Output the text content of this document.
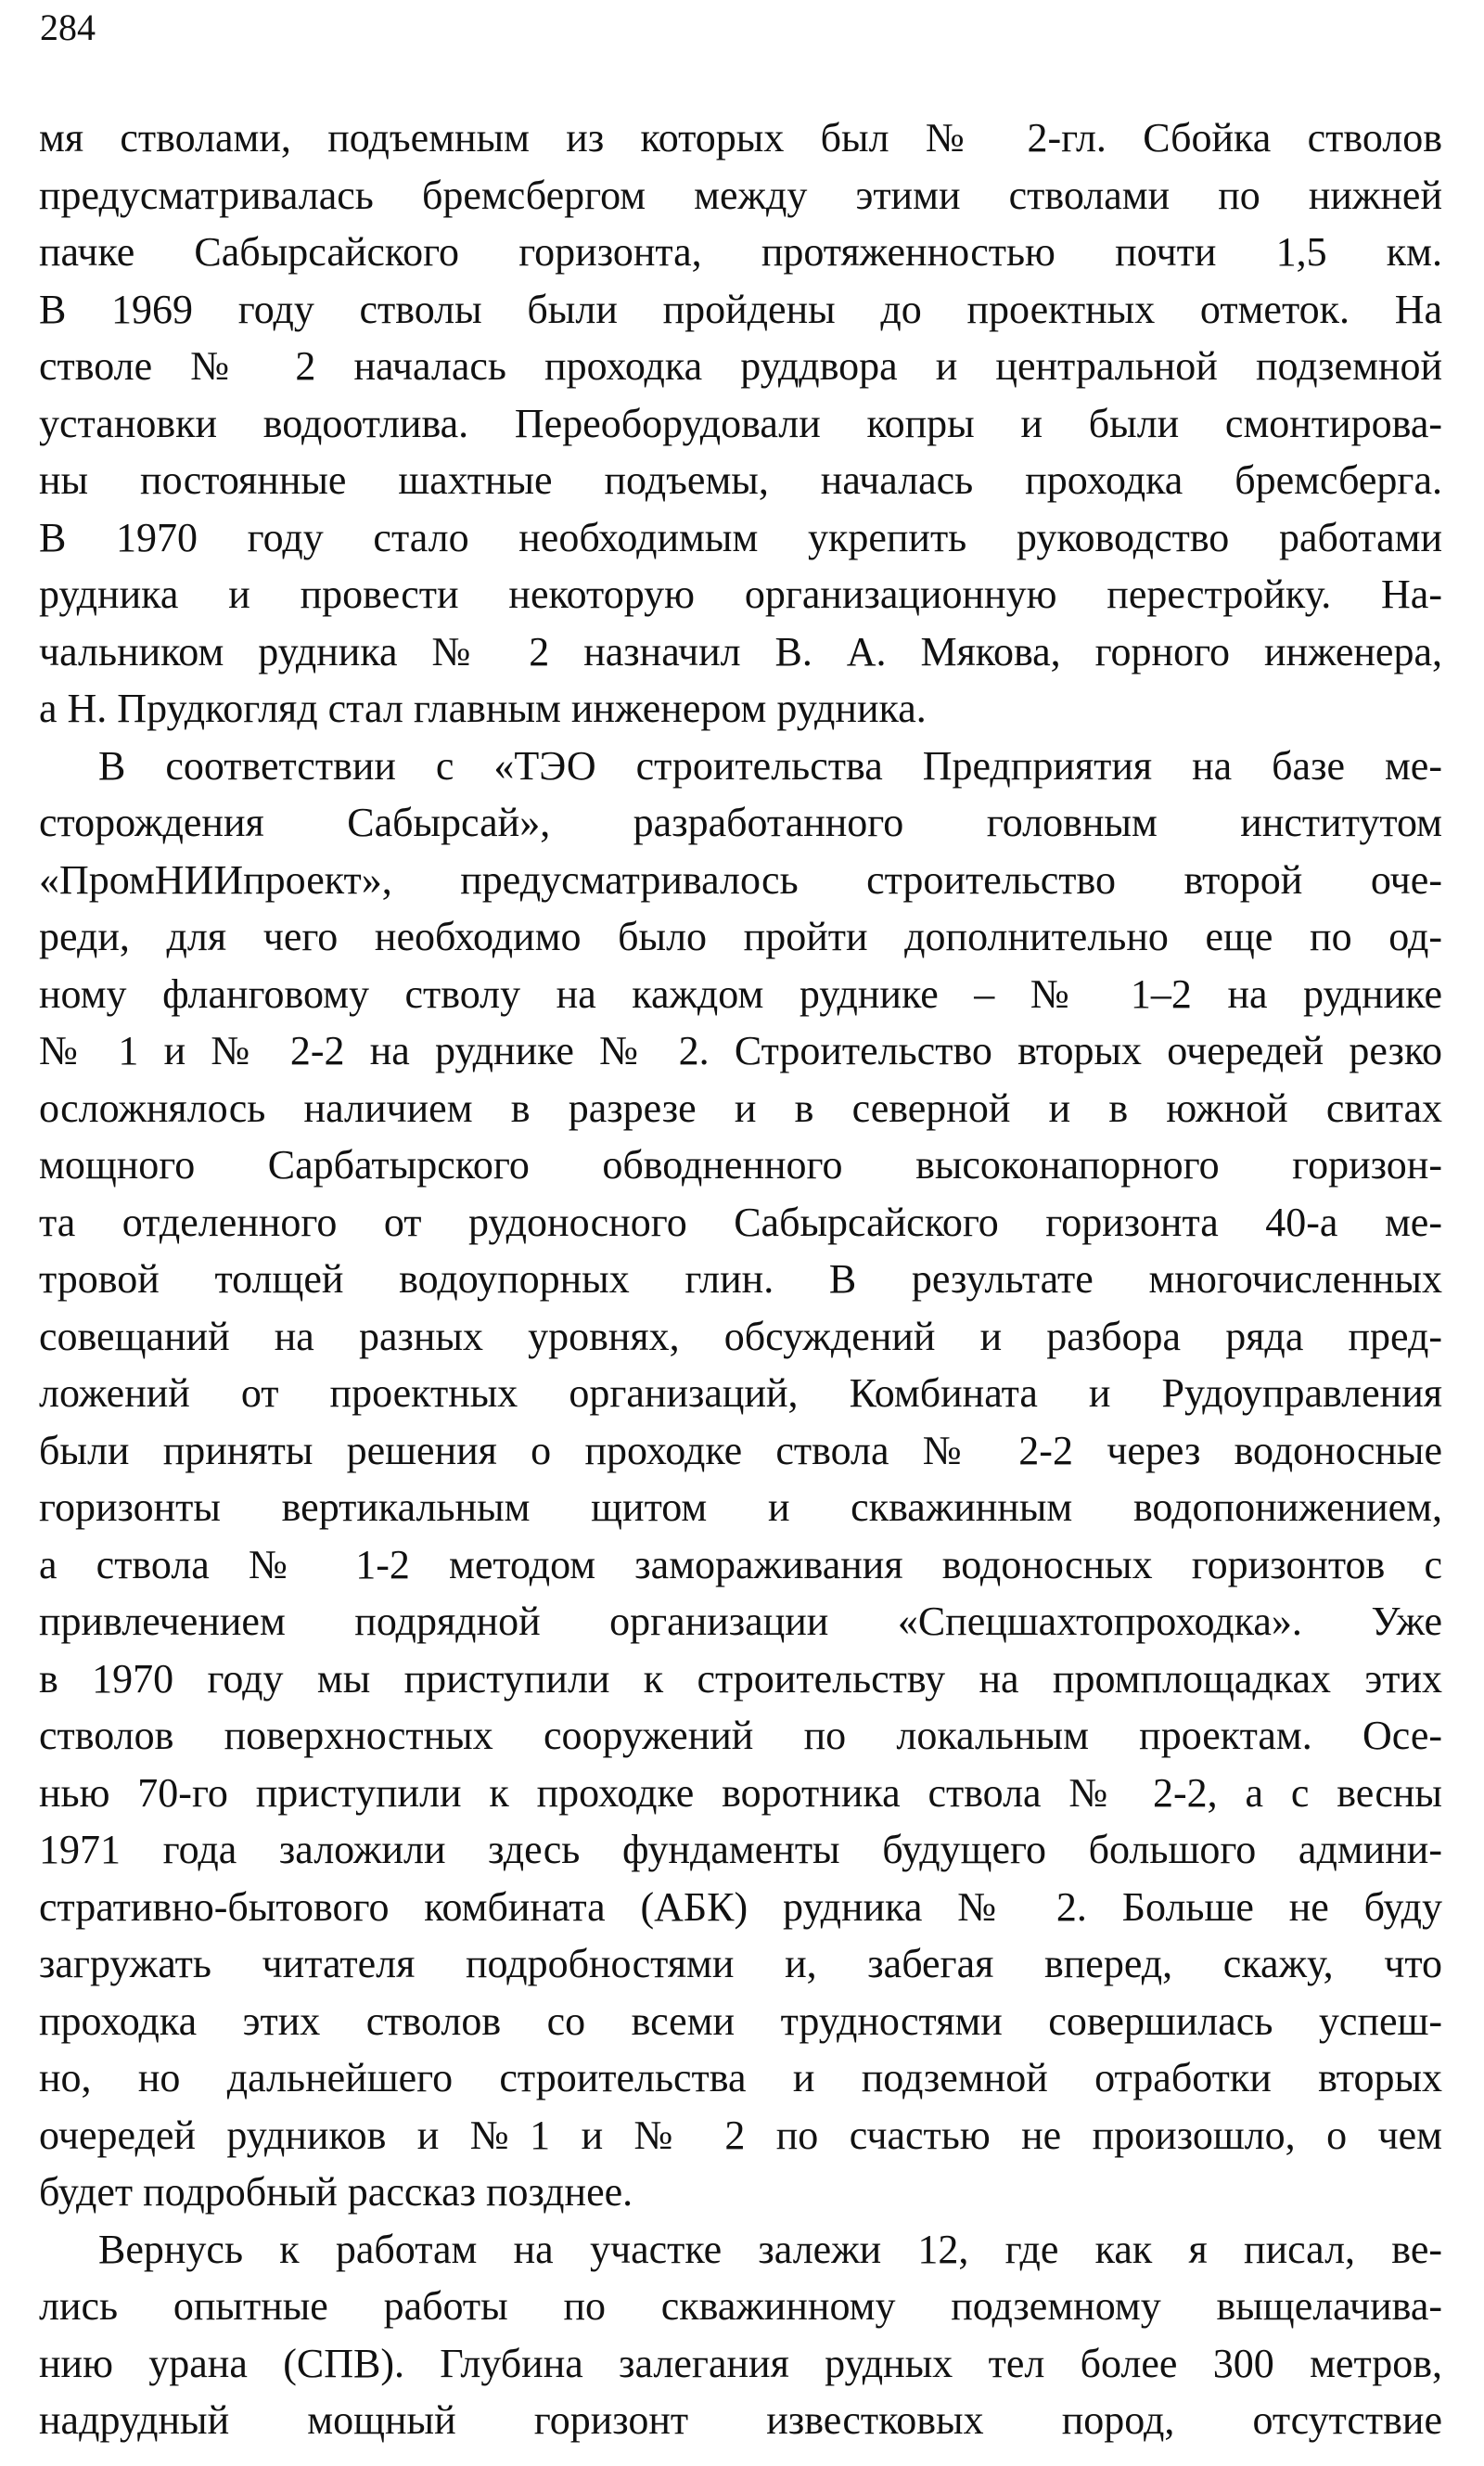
284
мя стволами, подъемным из которых был № 2-гл. Сбойка стволов
предусматривалась бремсбергом между этими стволами по нижней
пачке Сабырсайского горизонта, протяженностью почти 1,5 км.
В 1969 году стволы были пройдены до проектных отметок. На
стволе № 2 началась проходка руддвора и центральной подземной
установки водоотлива. Переоборудовали копры и были смонтирова-
ны постоянные шахтные подъемы, началась проходка бремсберга.
В 1970 году стало необходимым укрепить руководство работами
рудника и провести некоторую организационную перестройку. На-
чальником рудника № 2 назначил В. А. Мякова, горного инженера,
а Н. Прудкогляд стал главным инженером рудника.
В соответствии с «ТЭО строительства Предприятия на базе ме-
сторождения Сабырсай», разработанного головным институтом
«ПромНИИпроект», предусматривалось строительство второй оче-
реди, для чего необходимо было пройти дополнительно еще по од-
ному фланговому стволу на каждом руднике – № 1–2 на руднике
№ 1 и № 2-2 на руднике № 2. Строительство вторых очередей резко
осложнялось наличием в разрезе и в северной и в южной свитах
мощного Сарбатырского обводненного высоконапорного горизон-
та отделенного от рудоносного Сабырсайского горизонта 40-а ме-
тровой толщей водоупорных глин. В результате многочисленных
совещаний на разных уровнях, обсуждений и разбора ряда пред-
ложений от проектных организаций, Комбината и Рудоуправления
были приняты решения о проходке ствола № 2-2 через водоносные
горизонты вертикальным щитом и скважинным водопонижением,
а ствола № 1-2 методом замораживания водоносных горизонтов с
привлечением подрядной организации «Спецшахтопроходка». Уже
в 1970 году мы приступили к строительству на промплощадках этих
стволов поверхностных сооружений по локальным проектам. Осе-
нью 70-го приступили к проходке воротника ствола № 2-2, а с весны
1971 года заложили здесь фундаменты будущего большого админи-
стративно-бытового комбината (АБК) рудника № 2. Больше не буду
загружать читателя подробностями и, забегая вперед, скажу, что
проходка этих стволов со всеми трудностями совершилась успеш-
но, но дальнейшего строительства и подземной отработки вторых
очередей рудников и №1 и № 2 по счастью не произошло, о чем
будет подробный рассказ позднее.
Вернусь к работам на участке залежи 12, где как я писал, ве-
лись опытные работы по скважинному подземному выщелачива-
нию урана (СПВ). Глубина залегания рудных тел более 300 метров,
надрудный мощный горизонт известковых пород, отсутствие
